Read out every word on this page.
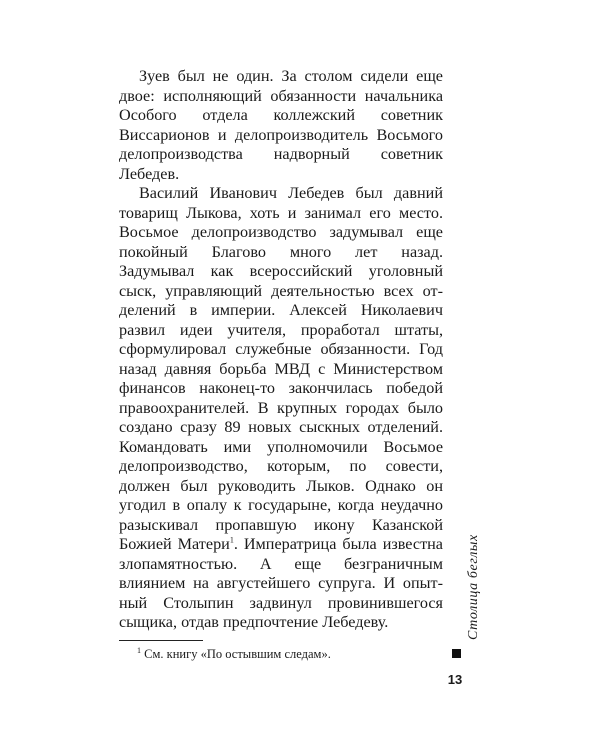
Зуев был не один. За столом сидели еще двое: исполняющий обязанности начальника Особого отдела коллежский советник Виссарионов и делопроизводитель Восьмого делопроизводства надворный советник Лебедев.

Василий Иванович Лебедев был давний товарищ Лыкова, хоть и занимал его место. Восьмое делопроизводство задумывал еще покойный Благово много лет назад. Задумывал как всероссийский уголовный сыск, управляющий деятельностью всех отделений в империи. Алексей Николаевич развил идеи учителя, проработал штаты, сформулировал служебные обязанности. Год назад давняя борьба МВД с Министерством финансов наконец-то закончилась победой правоохранителей. В крупных городах было создано сразу 89 новых сыскных отделений. Командовать ими уполномочили Восьмое делопроизводство, которым, по совести, должен был руководить Лыков. Однако он угодил в опалу к государыне, когда неудачно разыскивал пропавшую икону Казанской Божией Матери$^1$. Императрица была известна злопамятностью. А еще безграничным влиянием на августейшего супруга. И опытный Столыпин задвинул провинившегося сыщика, отдав предпочтение Лебедеву.

$^1$ См. книгу «По остывшим следам».
Столица беглых
13
